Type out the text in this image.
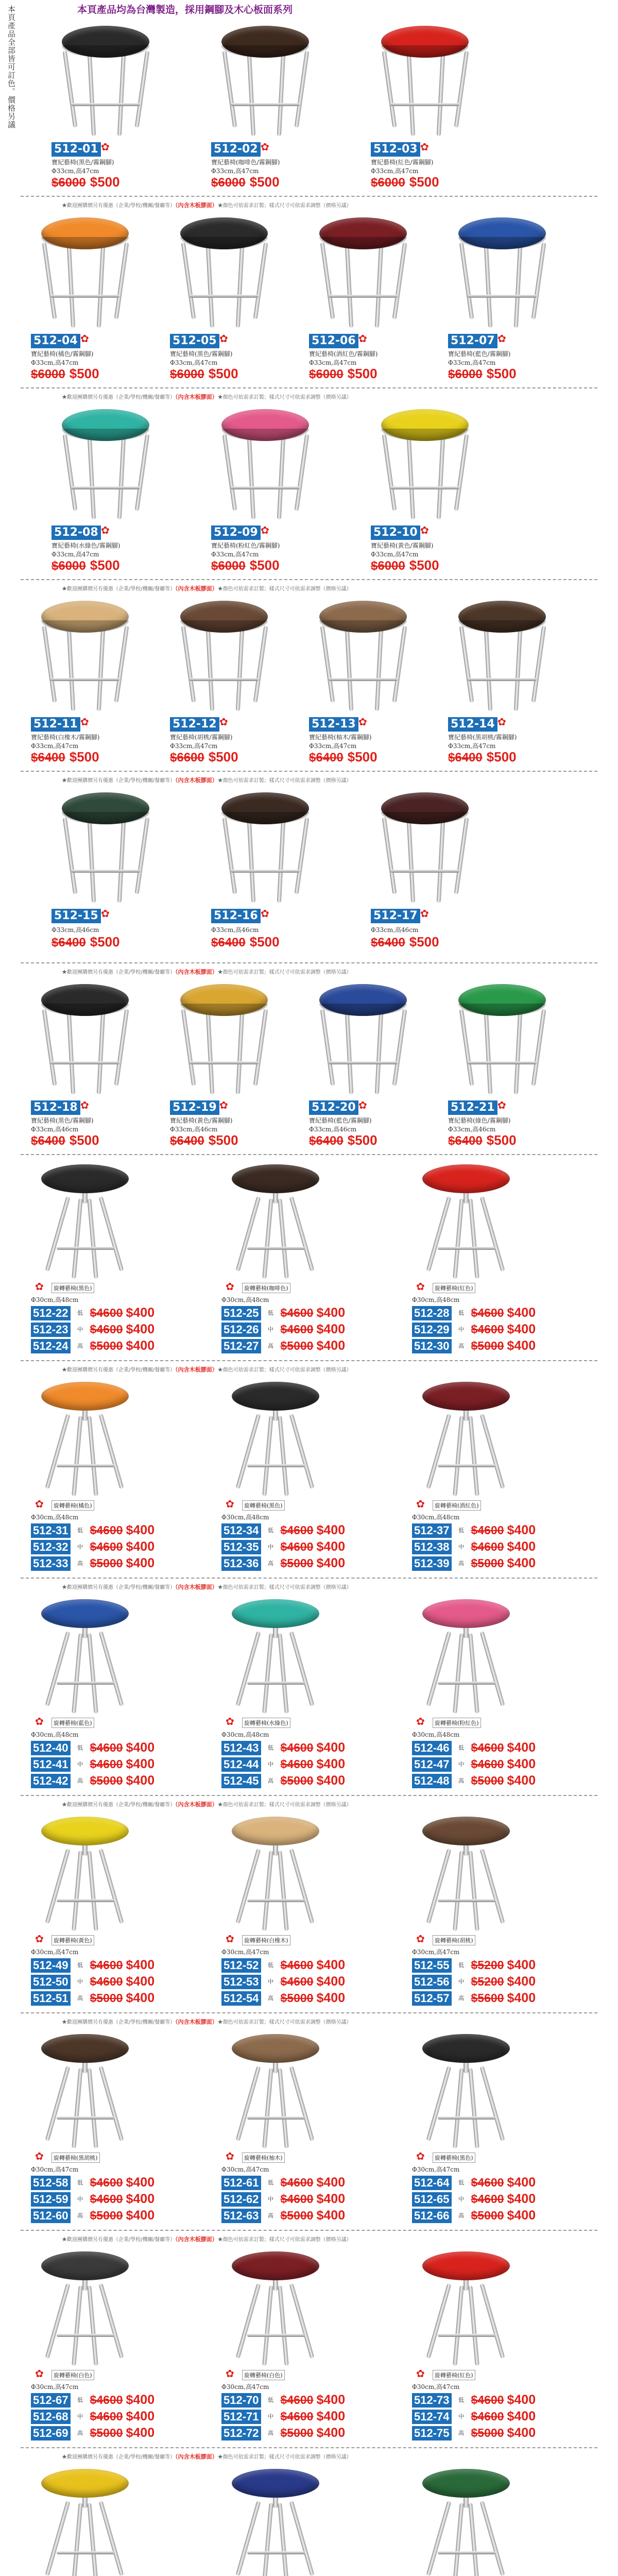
本頁產品全部皆可訂色。價格另議	本頁產品均為台灣製造，採用鋼腳及木心板面系列
512-01 ✿
寶紀藝椅(黑色/霧鋼腳)
Φ33cm,高47cm
$6000 $500
512-02 ✿
寶紀藝椅(咖啡色/霧鋼腳)
Φ33cm,高47cm
$6000 $500
512-03 ✿
寶紀藝椅(紅色/霧鋼腳)
Φ33cm,高47cm
$6000 $500
★歡迎團購價另有優惠（企業/學校/機關/餐廳等）（內含木板膠面）★顏色可依需求訂製；樣式尺寸可依需求調整（價格另議）
512-04 ✿
寶紀藝椅(橘色/霧鋼腳)
Φ33cm,高47cm
$6000 $500
512-05 ✿
寶紀藝椅(黑色/霧鋼腳)
Φ33cm,高47cm
$6000 $500
512-06 ✿
寶紀藝椅(酒紅色/霧鋼腳)
Φ33cm,高47cm
$6000 $500
512-07 ✿
寶紀藝椅(藍色/霧鋼腳)
Φ33cm,高47cm
$6000 $500
★歡迎團購價另有優惠（企業/學校/機關/餐廳等）（內含木板膠面）★顏色可依需求訂製；樣式尺寸可依需求調整（價格另議）
512-08 ✿
寶紀藝椅(水綠色/霧鋼腳)
Φ33cm,高47cm
$6000 $500
512-09 ✿
寶紀藝椅(粉紅色/霧鋼腳)
Φ33cm,高47cm
$6000 $500
512-10 ✿
寶紀藝椅(黃色/霧鋼腳)
Φ33cm,高47cm
$6000 $500
★歡迎團購價另有優惠（企業/學校/機關/餐廳等）（內含木板膠面）★顏色可依需求訂製；樣式尺寸可依需求調整（價格另議）
512-11 ✿
寶紀藝椅(白橡木/霧鋼腳)
Φ33cm,高47cm
$6400 $500
512-12 ✿
寶紀藝椅(胡桃/霧鋼腳)
Φ33cm,高47cm
$6600 $500
512-13 ✿
寶紀藝椅(柚木/霧鋼腳)
Φ33cm,高47cm
$6400 $500
512-14 ✿
寶紀藝椅(黑胡桃/霧鋼腳)
Φ33cm,高47cm
$6400 $500
★歡迎團購價另有優惠（企業/學校/機關/餐廳等）（內含木板膠面）★顏色可依需求訂製；樣式尺寸可依需求調整（價格另議）
512-15 ✿
Φ33cm,高46cm
$6400 $500
512-16 ✿
Φ33cm,高46cm
$6400 $500
512-17 ✿
Φ33cm,高46cm
$6400 $500
★歡迎團購價另有優惠（企業/學校/機關/餐廳等）（內含木板膠面）★顏色可依需求訂製；樣式尺寸可依需求調整（價格另議）
512-18 ✿
寶紀藝椅(黑色/霧鋼腳)
Φ33cm,高46cm
$6400 $500
512-19 ✿
寶紀藝椅(黃色/霧鋼腳)
Φ33cm,高46cm
$6400 $500
512-20 ✿
寶紀藝椅(藍色/霧鋼腳)
Φ33cm,高46cm
$6400 $500
512-21 ✿
寶紀藝椅(綠色/霧鋼腳)
Φ33cm,高46cm
$6400 $500
✿	旋轉藝椅(黑色)
Φ30cm,高48cm
512-22 低 $4600 $400
512-23 中 $4600 $400
512-24 高 $5000 $400
✿	旋轉藝椅(咖啡色)
Φ30cm,高48cm
512-25 低 $4600 $400
512-26 中 $4600 $400
512-27 高 $5000 $400
✿	旋轉藝椅(紅色)
Φ30cm,高48cm
512-28 低 $4600 $400
512-29 中 $4600 $400
512-30 高 $5000 $400
★歡迎團購價另有優惠（企業/學校/機關/餐廳等）（內含木板膠面）★顏色可依需求訂製；樣式尺寸可依需求調整（價格另議）
✿	旋轉藝椅(橘色)
Φ30cm,高48cm
512-31 低 $4600 $400
512-32 中 $4600 $400
512-33 高 $5000 $400
✿	旋轉藝椅(黑色)
Φ30cm,高48cm
512-34 低 $4600 $400
512-35 中 $4600 $400
512-36 高 $5000 $400
✿	旋轉藝椅(酒紅色)
Φ30cm,高48cm
512-37 低 $4600 $400
512-38 中 $4600 $400
512-39 高 $5000 $400
★歡迎團購價另有優惠（企業/學校/機關/餐廳等）（內含木板膠面）★顏色可依需求訂製；樣式尺寸可依需求調整（價格另議）
✿	旋轉藝椅(藍色)
Φ30cm,高48cm
512-40 低 $4600 $400
512-41 中 $4600 $400
512-42 高 $5000 $400
✿	旋轉藝椅(水綠色)
Φ30cm,高48cm
512-43 低 $4600 $400
512-44 中 $4600 $400
512-45 高 $5000 $400
✿	旋轉藝椅(粉紅色)
Φ30cm,高48cm
512-46 低 $4600 $400
512-47 中 $4600 $400
512-48 高 $5000 $400
★歡迎團購價另有優惠（企業/學校/機關/餐廳等）（內含木板膠面）★顏色可依需求訂製；樣式尺寸可依需求調整（價格另議）
✿	旋轉藝椅(黃色)
Φ30cm,高47cm
512-49 低 $4600 $400
512-50 中 $4600 $400
512-51 高 $5000 $400
✿	旋轉藝椅(白橡木)
Φ30cm,高47cm
512-52 低 $4600 $400
512-53 中 $4600 $400
512-54 高 $5000 $400
✿	旋轉藝椅(胡桃)
Φ30cm,高47cm
512-55 低 $5200 $400
512-56 中 $5200 $400
512-57 高 $5600 $400
★歡迎團購價另有優惠（企業/學校/機關/餐廳等）（內含木板膠面）★顏色可依需求訂製；樣式尺寸可依需求調整（價格另議）
✿	旋轉藝椅(黑胡桃)
Φ30cm,高47cm
512-58 低 $4600 $400
512-59 中 $4600 $400
512-60 高 $5000 $400
✿	旋轉藝椅(柚木)
Φ30cm,高47cm
512-61 低 $4600 $400
512-62 中 $4600 $400
512-63 高 $5000 $400
✿	旋轉藝椅(黑色)
Φ30cm,高47cm
512-64 低 $4600 $400
512-65 中 $4600 $400
512-66 高 $5000 $400
★歡迎團購價另有優惠（企業/學校/機關/餐廳等）（內含木板膠面）★顏色可依需求訂製；樣式尺寸可依需求調整（價格另議）
✿	旋轉藝椅(白色)
Φ30cm,高47cm
512-67 低 $4600 $400
512-68 中 $4600 $400
512-69 高 $5000 $400
✿	旋轉藝椅(白色)
Φ30cm,高47cm
512-70 低 $4600 $400
512-71 中 $4600 $400
512-72 高 $5000 $400
✿	旋轉藝椅(紅色)
Φ30cm,高47cm
512-73 低 $4600 $400
512-74 中 $4600 $400
512-75 高 $5000 $400
★歡迎團購價另有優惠（企業/學校/機關/餐廳等）（內含木板膠面）★顏色可依需求訂製；樣式尺寸可依需求調整（價格另議）
